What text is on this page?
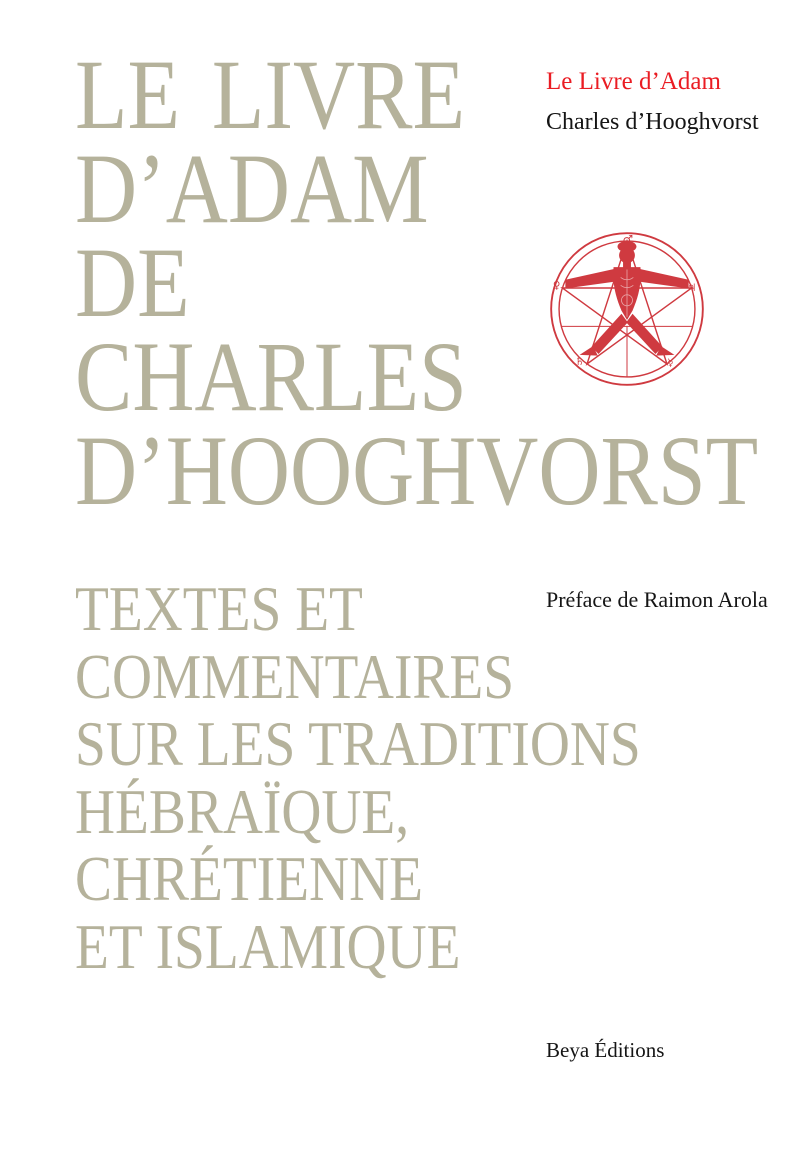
LE LIVRE
D’ADAM
DE
CHARLES
D’HOOGHVORST
TEXTES ET
COMMENTAIRES
SUR LES TRADITIONS
HÉBRAÏQUE,
CHRÉTIENNE
ET ISLAMIQUE
Le Livre d’Adam
Charles d’Hooghvorst
♂
♀	♃
♄	☿
Préface de Raimon Arola
Beya Éditions
